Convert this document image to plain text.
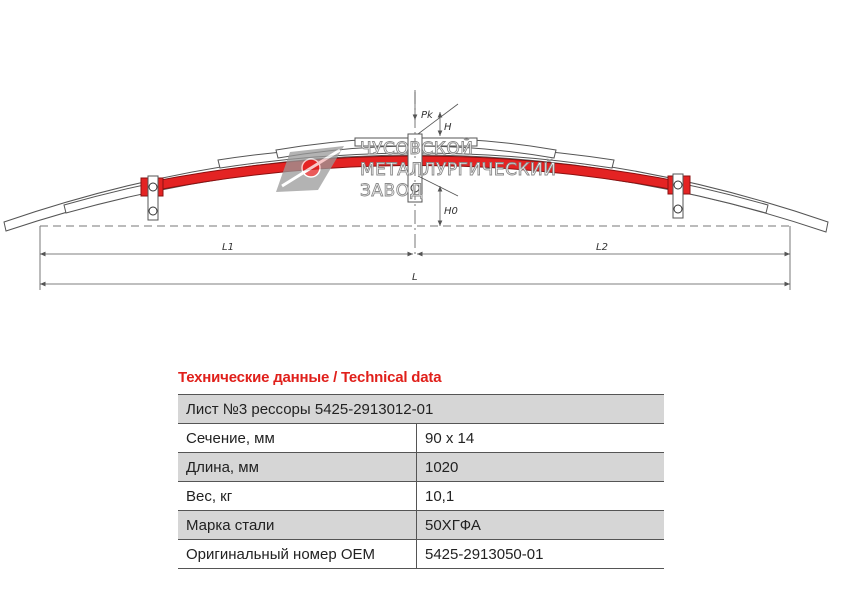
Pk
H
H0
L1	L2
L
ЧУСОВСКОЙ
МЕТАЛЛУРГИЧЕСКИЙ
ЗАВОД
Технические данные / Technical data
Лист №3 рессоры 5425-2913012-01	
Сечение, мм	90 x 14
Длина, мм	1020
Вес, кг	10,1
Марка стали	50ХГФА
Оригинальный номер OEM	5425-2913050-01
